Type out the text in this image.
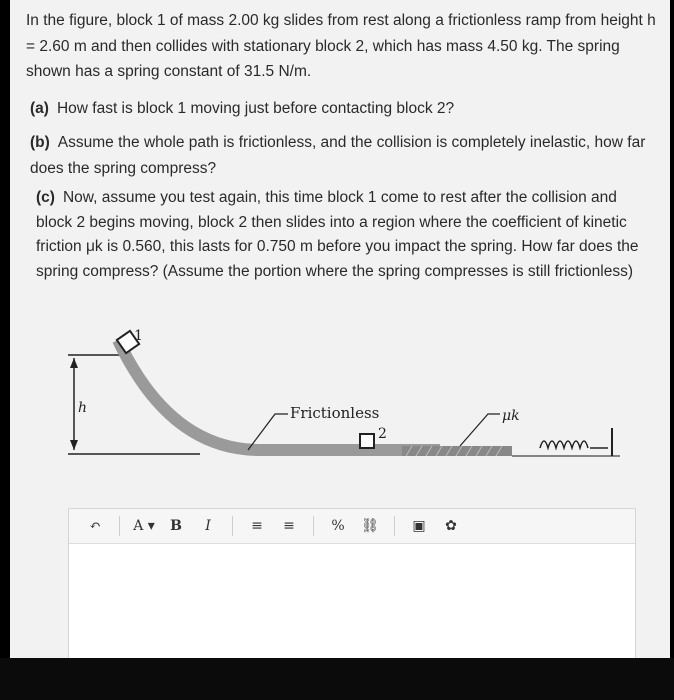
In the figure, block 1 of mass 2.00 kg slides from rest along a frictionless ramp from height h = 2.60 m and then collides with stationary block 2, which has mass 4.50 kg. The spring shown has a spring constant of 31.5 N/m.
(a) How fast is block 1 moving just before contacting block 2?
(b) Assume the whole path is frictionless, and the collision is completely inelastic, how far does the spring compress?
(c) Now, assume you test again, this time block 1 come to rest after the collision and block 2 begins moving, block 2 then slides into a region where the coefficient of kinetic friction μk is 0.560, this lasts for 0.750 m before you impact the spring. How far does the spring compress? (Assume the portion where the spring compresses is still frictionless)
h
1
Frictionless
2
μk
↶	A ▾	B	I	≡	≡	%	⛓	▣	✿
